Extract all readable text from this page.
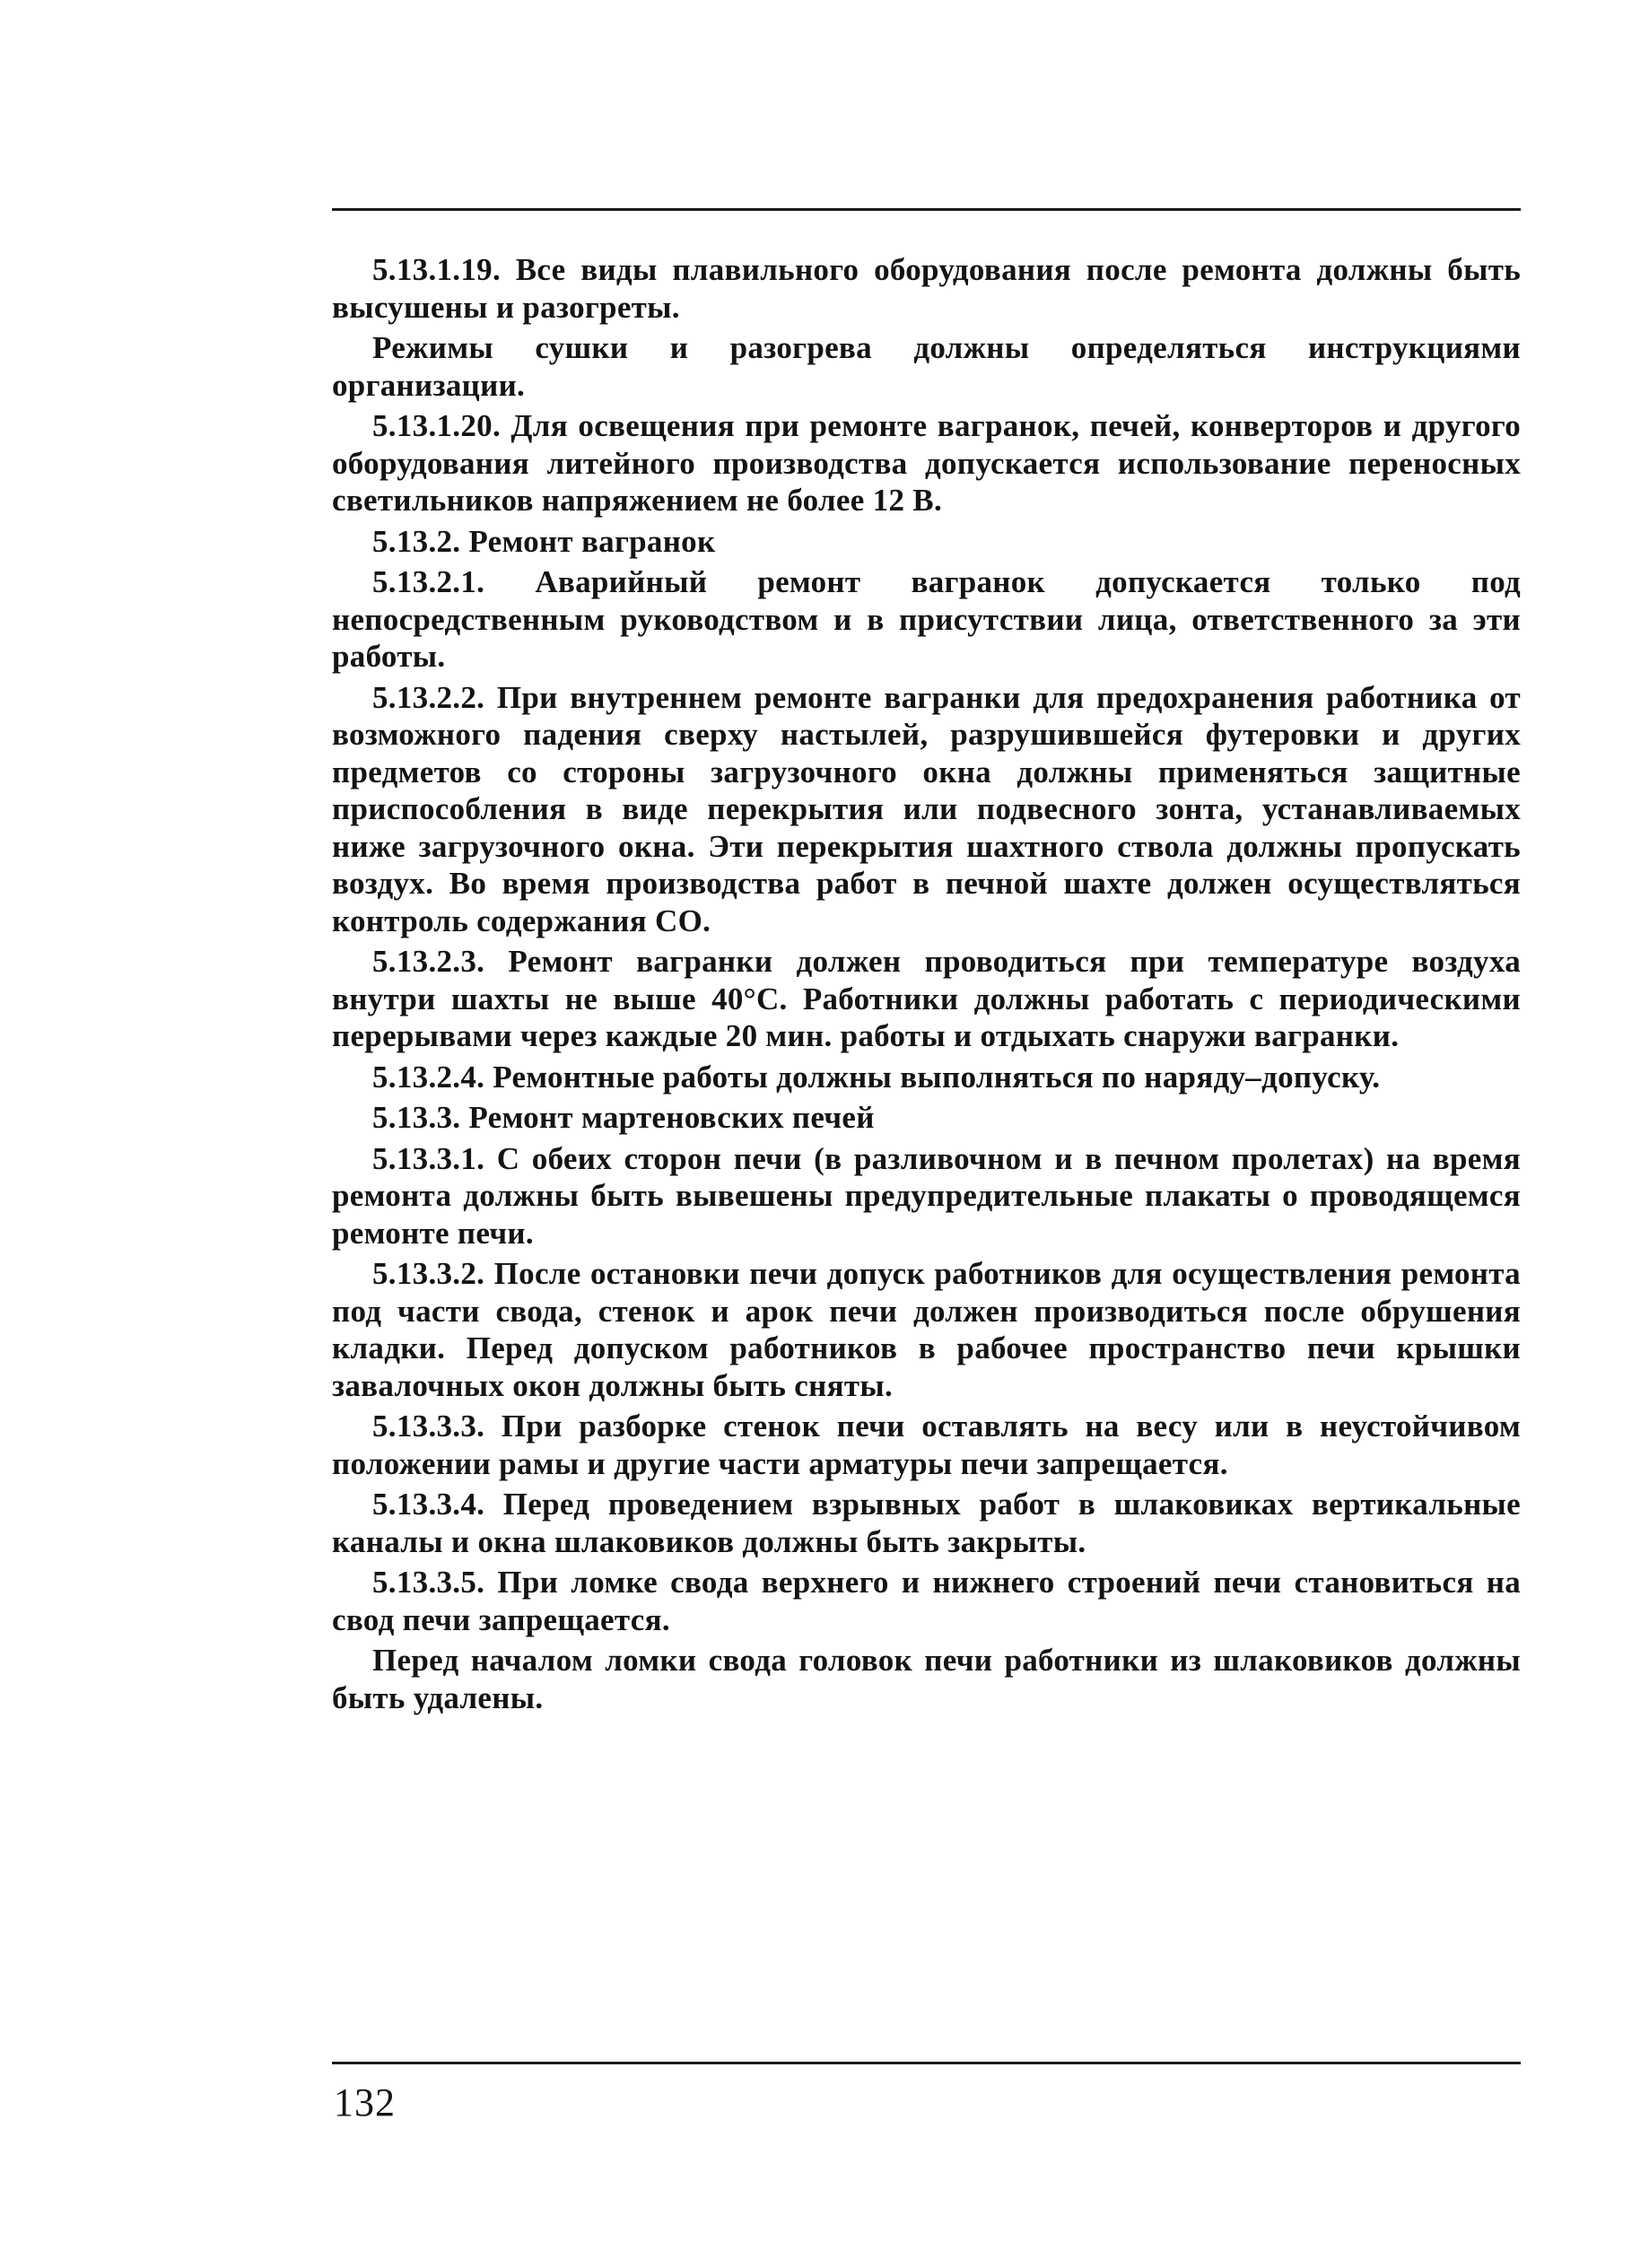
5.13.1.19. Все виды плавильного оборудования после ремонта должны быть высушены и разогреты.

Режимы сушки и разогрева должны определяться инструкциями организации.

5.13.1.20. Для освещения при ремонте вагранок, печей, конверторов и другого оборудования литейного производства допускается использование переносных светильников напряжением не более 12 В.

5.13.2. Ремонт вагранок

5.13.2.1. Аварийный ремонт вагранок допускается только под непосредственным руководством и в присутствии лица, ответственного за эти работы.

5.13.2.2. При внутреннем ремонте вагранки для предохранения работника от возможного падения сверху настылей, разрушившейся футеровки и других предметов со стороны загрузочного окна должны применяться защитные приспособления в виде перекрытия или подвесного зонта, устанавливаемых ниже загрузочного окна. Эти перекрытия шахтного ствола должны пропускать воздух. Во время производства работ в печной шахте должен осуществляться контроль содержания СО.

5.13.2.3. Ремонт вагранки должен проводиться при температуре воздуха внутри шахты не выше 40°С. Работники должны работать с периодическими перерывами через каждые 20 мин. работы и отдыхать снаружи вагранки.

5.13.2.4. Ремонтные работы должны выполняться по наряду–допуску.

5.13.3. Ремонт мартеновских печей

5.13.3.1. С обеих сторон печи (в разливочном и в печном пролетах) на время ремонта должны быть вывешены предупредительные плакаты о проводящемся ремонте печи.

5.13.3.2. После остановки печи допуск работников для осуществления ремонта под части свода, стенок и арок печи должен производиться после обрушения кладки. Перед допуском работников в рабочее пространство печи крышки завалочных окон должны быть сняты.

5.13.3.3. При разборке стенок печи оставлять на весу или в неустойчивом положении рамы и другие части арматуры печи запрещается.

5.13.3.4. Перед проведением взрывных работ в шлаковиках вертикальные каналы и окна шлаковиков должны быть закрыты.

5.13.3.5. При ломке свода верхнего и нижнего строений печи становиться на свод печи запрещается.

Перед началом ломки свода головок печи работники из шлаковиков должны быть удалены.

132
